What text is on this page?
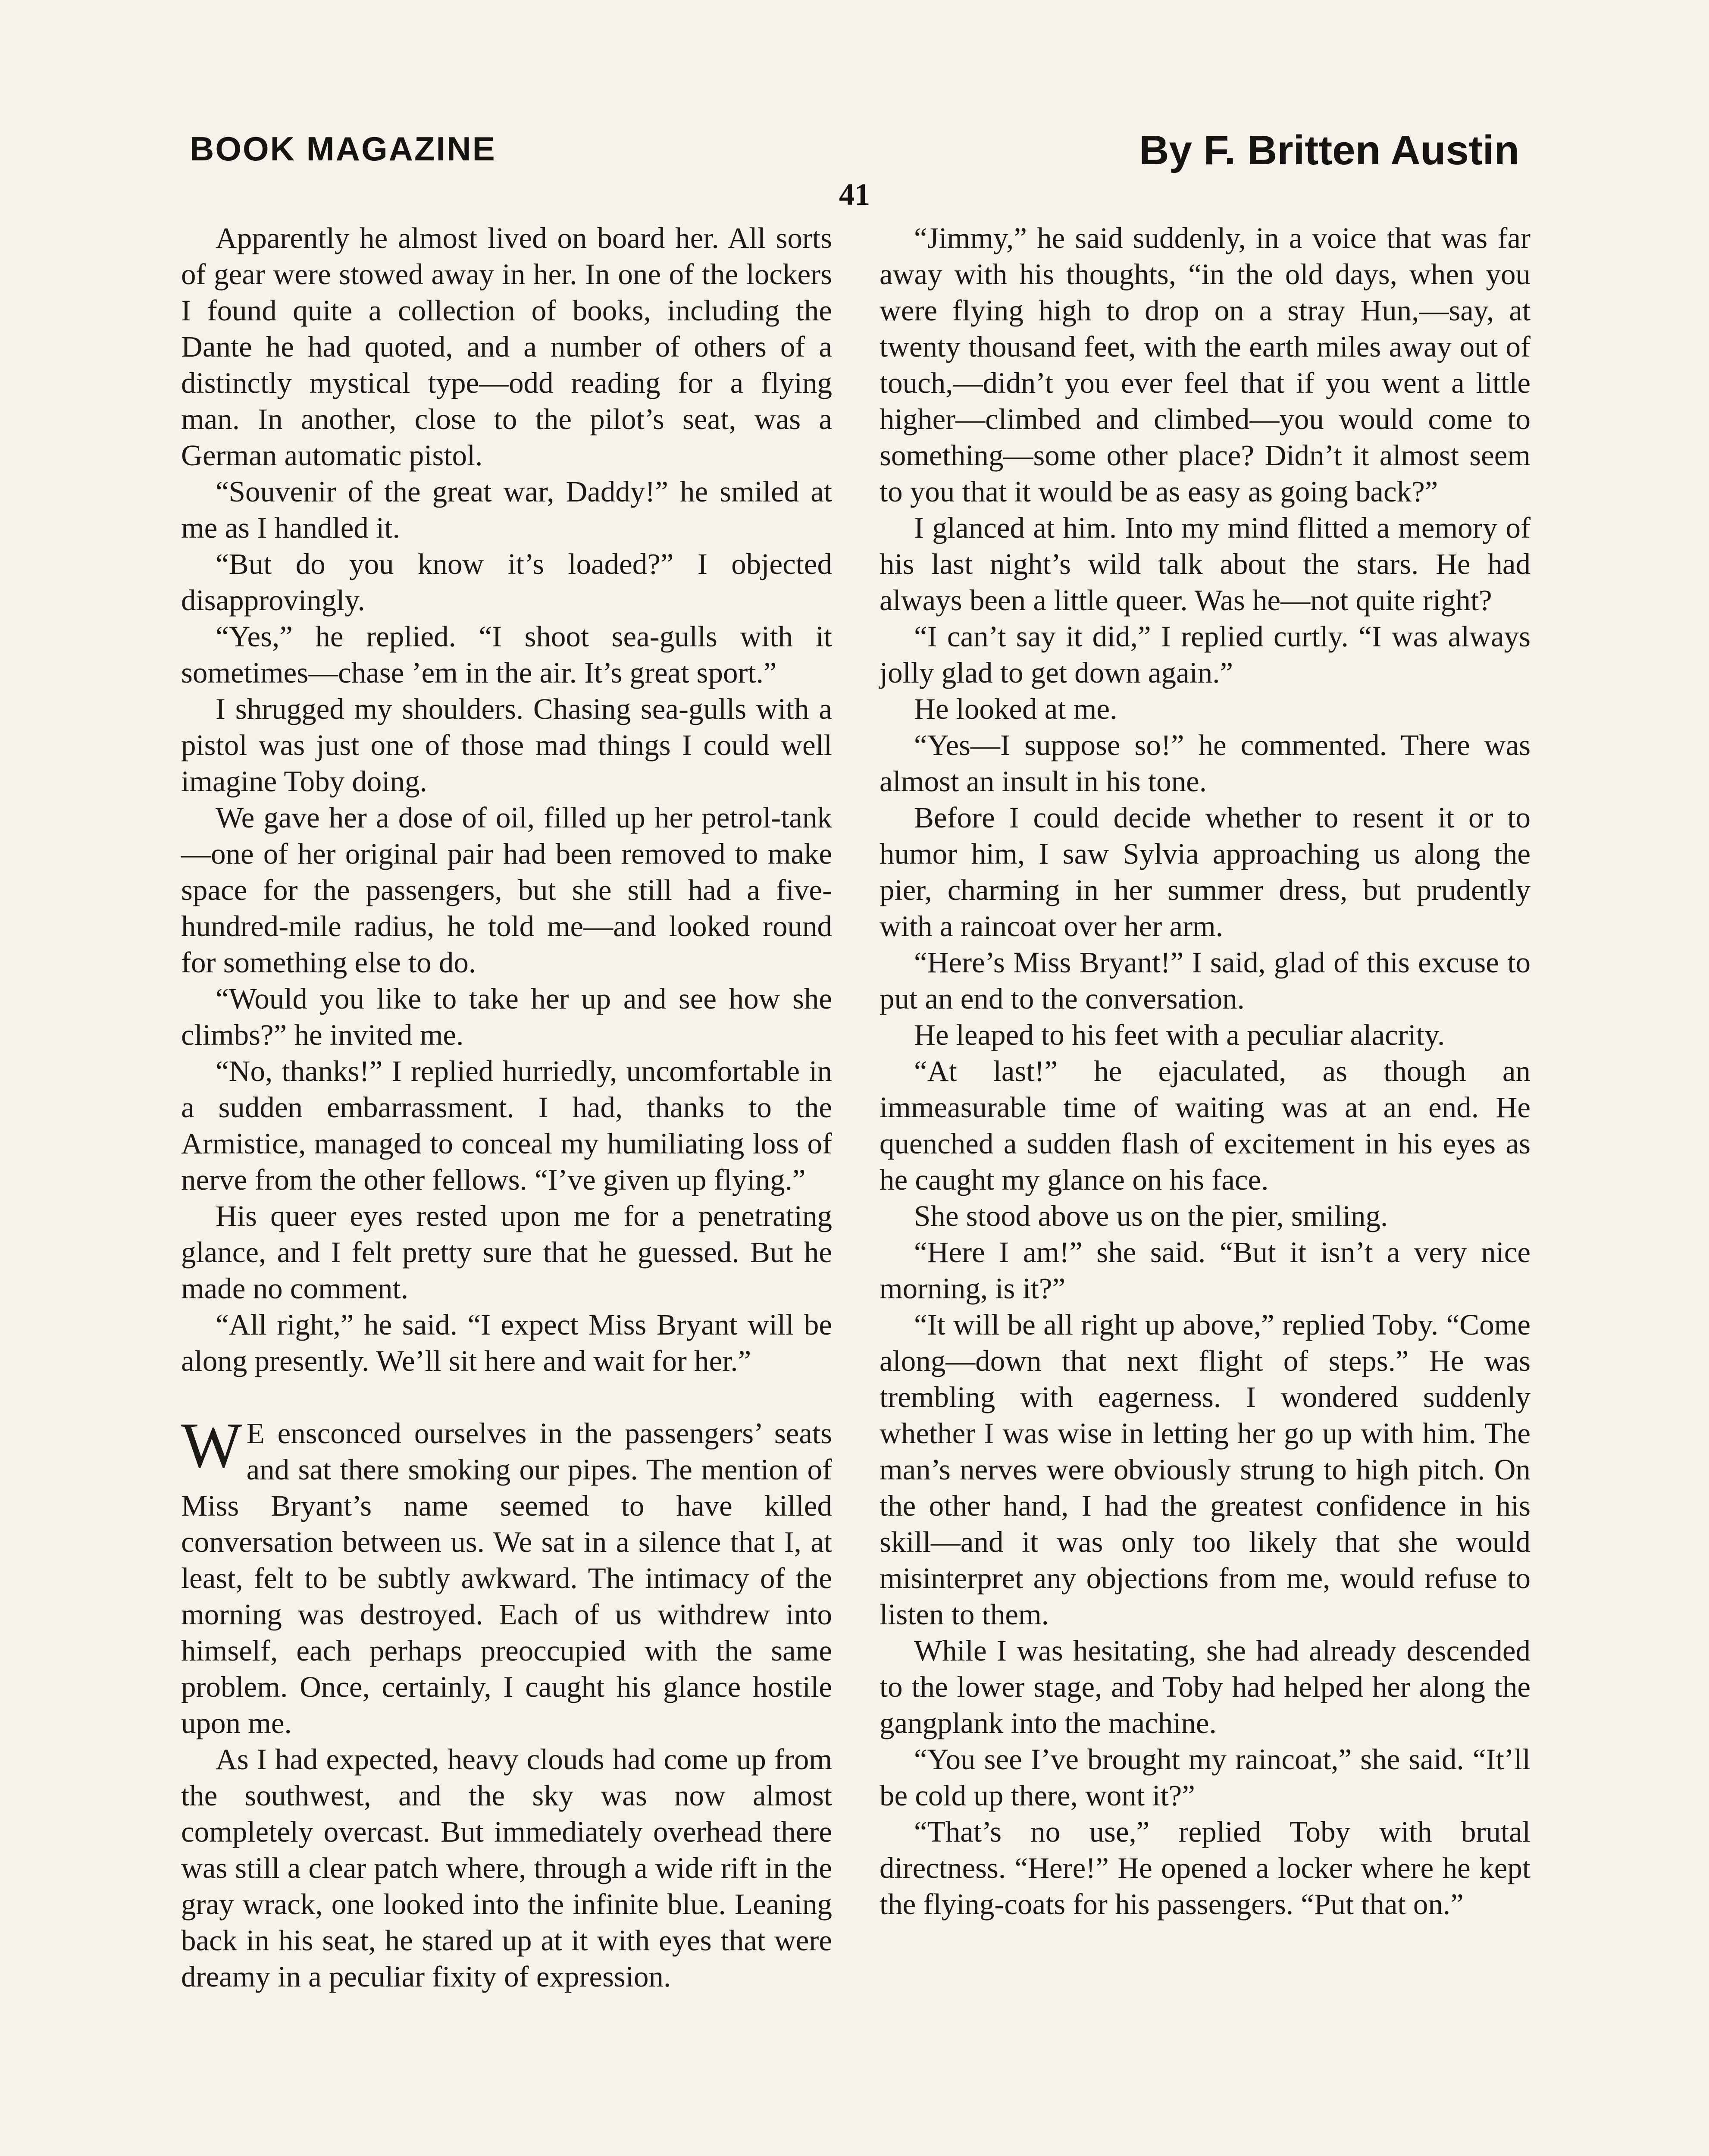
BOOK MAGAZINE	By F. Britten Austin
41

Apparently he almost lived on board her. All sorts of gear were stowed away in her. In one of the lockers I found quite a collection of books, including the Dante he had quoted, and a number of others of a distinctly mystical type—odd reading for a flying man. In another, close to the pilot’s seat, was a German automatic pistol.

“Souvenir of the great war, Daddy!” he smiled at me as I handled it.

“But do you know it’s loaded?” I objected disapprovingly.

“Yes,” he replied. “I shoot sea-gulls with it sometimes—chase ’em in the air. It’s great sport.”

I shrugged my shoulders. Chasing sea-gulls with a pistol was just one of those mad things I could well imagine Toby doing.

We gave her a dose of oil, filled up her petrol-tank—one of her original pair had been removed to make space for the passengers, but she still had a five-hundred-mile radius, he told me—and looked round for something else to do.

“Would you like to take her up and see how she climbs?” he invited me.

“No, thanks!” I replied hurriedly, uncomfortable in a sudden embarrassment. I had, thanks to the Armistice, managed to conceal my humiliating loss of nerve from the other fellows. “I’ve given up flying.”

His queer eyes rested upon me for a penetrating glance, and I felt pretty sure that he guessed. But he made no comment.

“All right,” he said. “I expect Miss Bryant will be along presently. We’ll sit here and wait for her.”

W E ensconced ourselves in the passengers’ seats and sat there smoking our pipes. The mention of Miss Bryant’s name seemed to have killed conversation between us. We sat in a silence that I, at least, felt to be subtly awkward. The intimacy of the morning was destroyed. Each of us withdrew into himself, each perhaps preoccupied with the same problem. Once, certainly, I caught his glance hostile upon me.

As I had expected, heavy clouds had come up from the southwest, and the sky was now almost completely overcast. But immediately overhead there was still a clear patch where, through a wide rift in the gray wrack, one looked into the infinite blue. Leaning back in his seat, he stared up at it with eyes that were dreamy in a peculiar fixity of expression.

“Jimmy,” he said suddenly, in a voice that was far away with his thoughts, “in the old days, when you were flying high to drop on a stray Hun,—say, at twenty thousand feet, with the earth miles away out of touch,—didn’t you ever feel that if you went a little higher—climbed and climbed—you would come to something—some other place? Didn’t it almost seem to you that it would be as easy as going back?”

I glanced at him. Into my mind flitted a memory of his last night’s wild talk about the stars. He had always been a little queer. Was he—not quite right?

“I can’t say it did,” I replied curtly. “I was always jolly glad to get down again.”

He looked at me.

“Yes—I suppose so!” he commented. There was almost an insult in his tone.

Before I could decide whether to resent it or to humor him, I saw Sylvia approaching us along the pier, charming in her summer dress, but prudently with a raincoat over her arm.

“Here’s Miss Bryant!” I said, glad of this excuse to put an end to the conversation.

He leaped to his feet with a peculiar alacrity.

“At last!” he ejaculated, as though an immeasurable time of waiting was at an end. He quenched a sudden flash of excitement in his eyes as he caught my glance on his face.

She stood above us on the pier, smiling.

“Here I am!” she said. “But it isn’t a very nice morning, is it?”

“It will be all right up above,” replied Toby. “Come along—down that next flight of steps.” He was trembling with eagerness. I wondered suddenly whether I was wise in letting her go up with him. The man’s nerves were obviously strung to high pitch. On the other hand, I had the greatest confidence in his skill—and it was only too likely that she would misinterpret any objections from me, would refuse to listen to them.

While I was hesitating, she had already descended to the lower stage, and Toby had helped her along the gangplank into the machine.

“You see I’ve brought my raincoat,” she said. “It’ll be cold up there, wont it?”

“That’s no use,” replied Toby with brutal directness. “Here!” He opened a locker where he kept the flying-coats for his passengers. “Put that on.”
